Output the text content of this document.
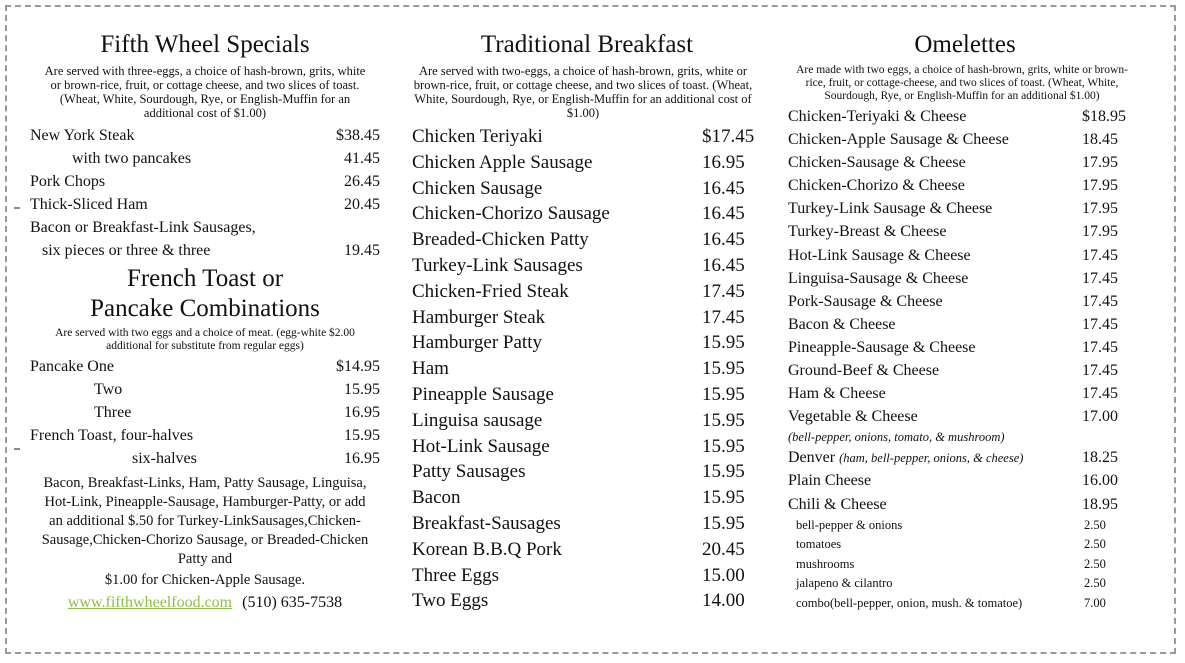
Fifth Wheel Specials

Are served with three-eggs, a choice of hash-brown, grits, white or brown-rice, fruit, or cottage cheese, and two slices of toast. (Wheat, White, Sourdough, Rye, or English-Muffin for an additional cost of $1.00)

New York Steak	$38.45
with two pancakes	41.45
Pork Chops	26.45
Thick-Sliced Ham	20.45
Bacon or Breakfast-Link Sausages,
six pieces or three & three	19.45
French Toast or
Pancake Combinations

Are served with two eggs and a choice of meat. (egg-white $2.00 additional for substitute from regular eggs)

Pancake One	$14.95
Two	15.95
Three	16.95
French Toast, four-halves	15.95
six-halves	16.95

Bacon, Breakfast-Links, Ham, Patty Sausage, Linguisa, Hot-Link, Pineapple-Sausage, Hamburger-Patty, or add an additional $.50 for Turkey-LinkSausages,Chicken-Sausage,Chicken-Chorizo Sausage, or Breaded-Chicken Patty and

$1.00 for Chicken-Apple Sausage.

www.fifthwheelfood.com (510) 635-7538
Traditional Breakfast

Are served with two-eggs, a choice of hash-brown, grits, white or brown-rice, fruit, or cottage cheese, and two slices of toast. (Wheat, White, Sourdough, Rye, or English-Muffin for an additional cost of $1.00)

Chicken Teriyaki	$17.45
Chicken Apple Sausage	16.95
Chicken Sausage	16.45
Chicken-Chorizo Sausage	16.45
Breaded-Chicken Patty	16.45
Turkey-Link Sausages	16.45
Chicken-Fried Steak	17.45
Hamburger Steak	17.45
Hamburger Patty	15.95
Ham	15.95
Pineapple Sausage	15.95
Linguisa sausage	15.95
Hot-Link Sausage	15.95
Patty Sausages	15.95
Bacon	15.95
Breakfast-Sausages	15.95
Korean B.B.Q Pork	20.45
Three Eggs	15.00
Two Eggs	14.00
Omelettes

Are made with two eggs, a choice of hash-brown, grits, white or brown-rice, fruit, or cottage-cheese, and two slices of toast. (Wheat, White, Sourdough, Rye, or English-Muffin for an additional $1.00)

Chicken-Teriyaki & Cheese	$18.95
Chicken-Apple Sausage & Cheese	18.45
Chicken-Sausage & Cheese	17.95
Chicken-Chorizo & Cheese	17.95
Turkey-Link Sausage & Cheese	17.95
Turkey-Breast & Cheese	17.95
Hot-Link Sausage & Cheese	17.45
Linguisa-Sausage & Cheese	17.45
Pork-Sausage & Cheese	17.45
Bacon & Cheese	17.45
Pineapple-Sausage & Cheese	17.45
Ground-Beef & Cheese	17.45
Ham & Cheese	17.45
Vegetable & Cheese	17.00
(bell-pepper, onions, tomato, & mushroom)
Denver (ham, bell-pepper, onions, & cheese)	18.25
Plain Cheese	16.00
Chili & Cheese	18.95
bell-pepper & onions	2.50
tomatoes	2.50
mushrooms	2.50
jalapeno & cilantro	2.50
combo(bell-pepper, onion, mush. & tomatoe)	7.00
